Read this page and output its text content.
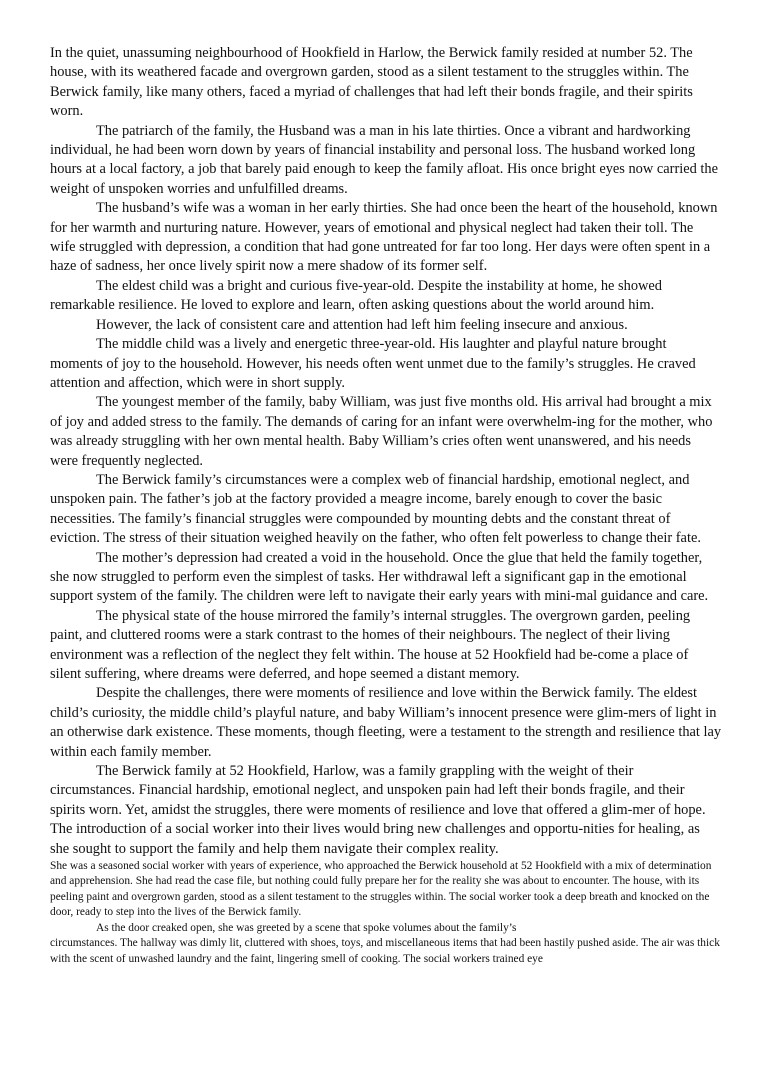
In the quiet, unassuming neighbourhood of Hookfield in Harlow, the Berwick family resided at number 52. The house, with its weathered facade and overgrown garden, stood as a silent testament to the struggles within. The Berwick family, like many others, faced a myriad of challenges that had left their bonds fragile, and their spirits worn.

The patriarch of the family, the Husband was a man in his late thirties. Once a vibrant and hardworking individual, he had been worn down by years of financial instability and personal loss. The husband worked long hours at a local factory, a job that barely paid enough to keep the family afloat. His once bright eyes now carried the weight of unspoken worries and unfulfilled dreams.

The husband’s wife was a woman in her early thirties. She had once been the heart of the household, known for her warmth and nurturing nature. However, years of emotional and physical neglect had taken their toll. The wife struggled with depression, a condition that had gone untreated for far too long. Her days were often spent in a haze of sadness, her once lively spirit now a mere shadow of its former self.

The eldest child was a bright and curious five-year-old. Despite the instability at home, he showed remarkable resilience. He loved to explore and learn, often asking questions about the world around him.

However, the lack of consistent care and attention had left him feeling insecure and anxious.

The middle child was a lively and energetic three-year-old. His laughter and playful nature brought moments of joy to the household. However, his needs often went unmet due to the family’s struggles. He craved attention and affection, which were in short supply.

The youngest member of the family, baby William, was just five months old. His arrival had brought a mix of joy and added stress to the family. The demands of caring for an infant were overwhelm-ing for the mother, who was already struggling with her own mental health. Baby William’s cries often went unanswered, and his needs were frequently neglected.

The Berwick family’s circumstances were a complex web of financial hardship, emotional neglect, and unspoken pain. The father’s job at the factory provided a meagre income, barely enough to cover the basic necessities. The family’s financial struggles were compounded by mounting debts and the constant threat of eviction. The stress of their situation weighed heavily on the father, who often felt powerless to change their fate.

The mother’s depression had created a void in the household. Once the glue that held the family together, she now struggled to perform even the simplest of tasks. Her withdrawal left a significant gap in the emotional support system of the family. The children were left to navigate their early years with mini-mal guidance and care.

The physical state of the house mirrored the family’s internal struggles. The overgrown garden, peeling paint, and cluttered rooms were a stark contrast to the homes of their neighbours. The neglect of their living environment was a reflection of the neglect they felt within. The house at 52 Hookfield had be-come a place of silent suffering, where dreams were deferred, and hope seemed a distant memory.

Despite the challenges, there were moments of resilience and love within the Berwick family. The eldest child’s curiosity, the middle child’s playful nature, and baby William’s innocent presence were glim-mers of light in an otherwise dark existence. These moments, though fleeting, were a testament to the strength and resilience that lay within each family member.

The Berwick family at 52 Hookfield, Harlow, was a family grappling with the weight of their circumstances. Financial hardship, emotional neglect, and unspoken pain had left their bonds fragile, and their spirits worn. Yet, amidst the struggles, there were moments of resilience and love that offered a glim-mer of hope. The introduction of a social worker into their lives would bring new challenges and opportu-nities for healing, as she sought to support the family and help them navigate their complex reality.

She was a seasoned social worker with years of experience, who approached the Berwick household at 52 Hookfield with a mix of determination and apprehension. She had read the case file, but nothing could fully prepare her for the reality she was about to encounter. The house, with its peeling paint and overgrown garden, stood as a silent testament to the struggles within. The social worker took a deep breath and knocked on the door, ready to step into the lives of the Berwick family.

As the door creaked open, she was greeted by a scene that spoke volumes about the family’s

circumstances. The hallway was dimly lit, cluttered with shoes, toys, and miscellaneous items that had been hastily pushed aside. The air was thick with the scent of unwashed laundry and the faint, lingering smell of cooking. The social workers trained eye
